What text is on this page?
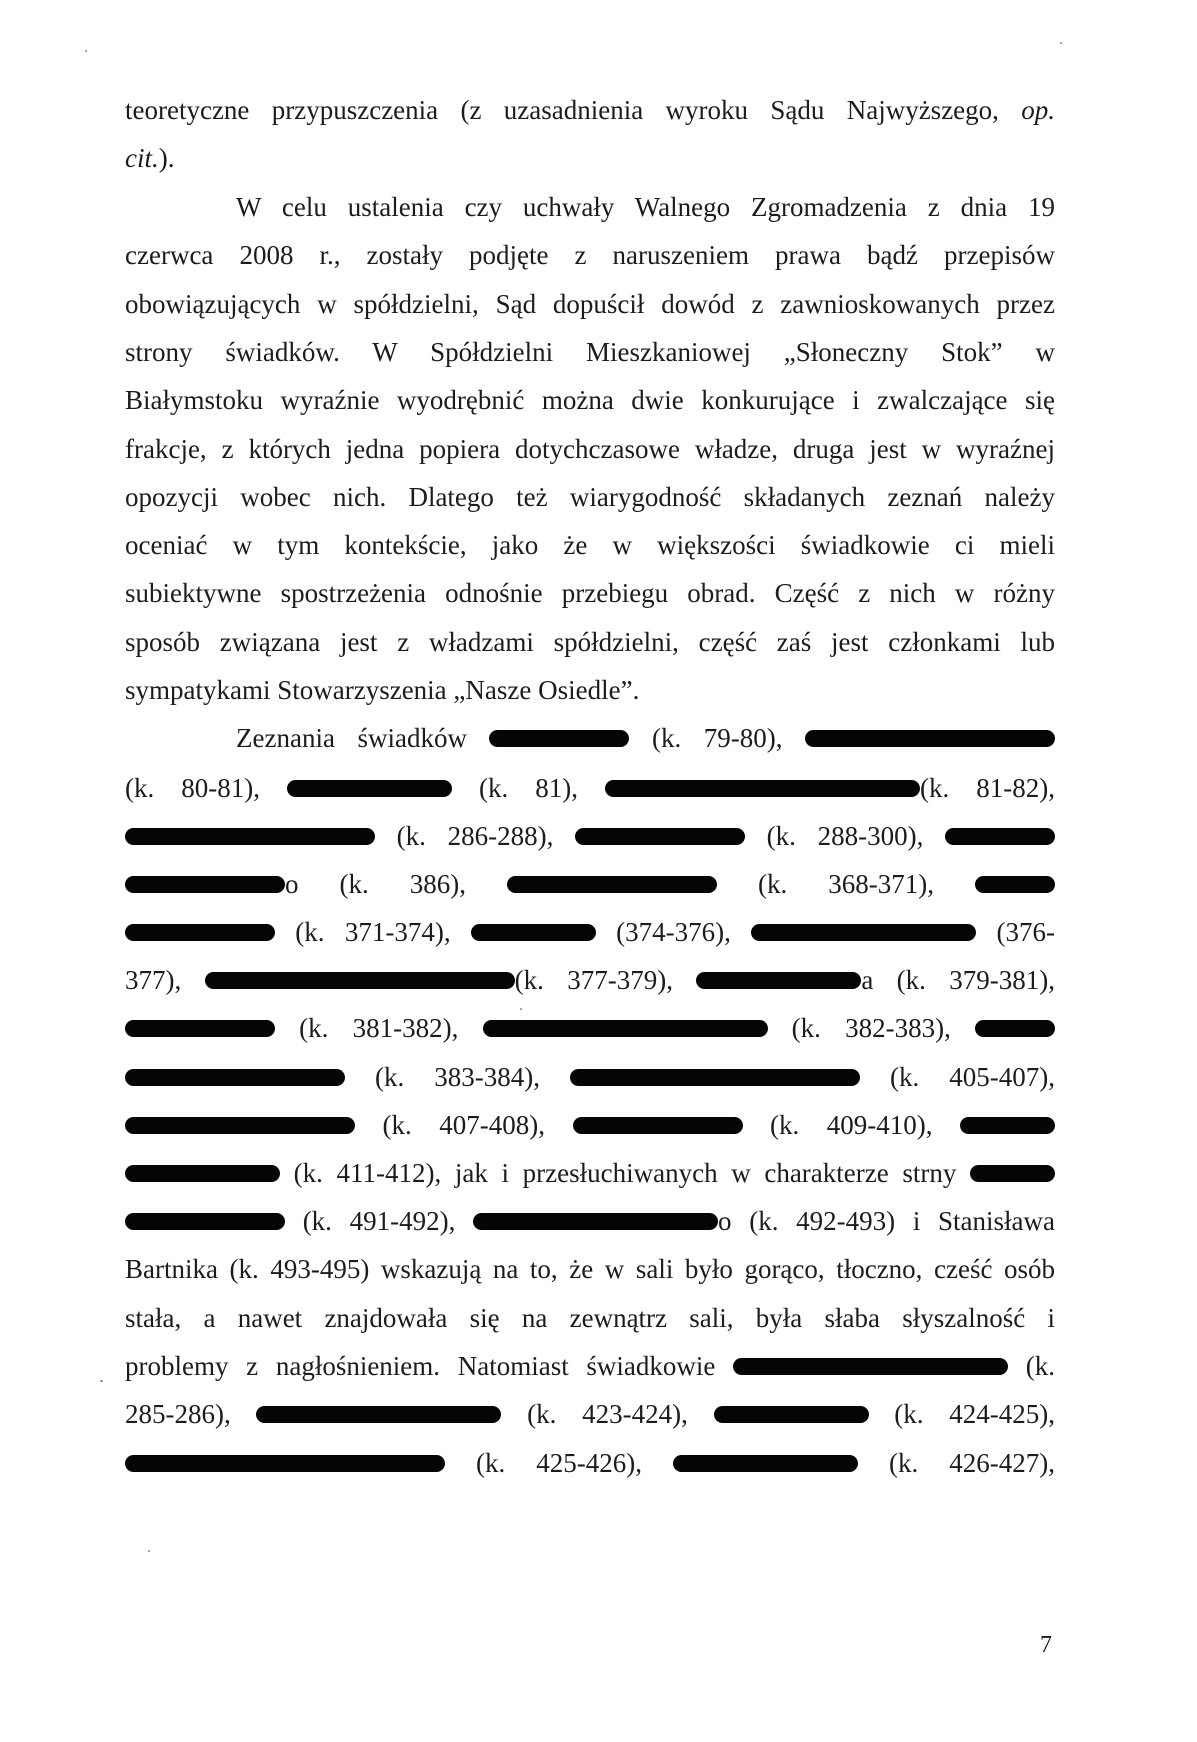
7
teoretyczne przypuszczenia (z uzasadnienia wyroku Sądu Najwyższego, op.
cit.).
W celu ustalenia czy uchwały Walnego Zgromadzenia z dnia 19
czerwca 2008 r., zostały podjęte z naruszeniem prawa bądź przepisów
obowiązujących w spółdzielni, Sąd dopuścił dowód z zawnioskowanych przez
strony świadków. W Spółdzielni Mieszkaniowej „Słoneczny Stok” w
Białymstoku wyraźnie wyodrębnić można dwie konkurujące i zwalczające się
frakcje, z których jedna popiera dotychczasowe władze, druga jest w wyraźnej
opozycji wobec nich. Dlatego też wiarygodność składanych zeznań należy
oceniać w tym kontekście, jako że w większości świadkowie ci mieli
subiektywne spostrzeżenia odnośnie przebiegu obrad. Część z nich w różny
sposób związana jest z władzami spółdzielni, część zaś jest członkami lub
sympatykami Stowarzyszenia „Nasze Osiedle”.
Zeznania świadków	(k. 79-80),
(k. 80-81),	(k. 81),	(k. 81-82),
(k. 286-288),	(k. 288-300),
o (k. 386),	(k. 368-371),
(k. 371-374),	(374-376),	(376-
377),	(k. 377-379),	a (k. 379-381),
(k. 381-382),	(k. 382-383),
(k. 383-384),	(k. 405-407),
(k. 407-408),	(k. 409-410),
(k. 411-412), jak i przesłuchiwanych w charakterze strny
(k. 491-492),	o (k. 492-493) i Stanisława
Bartnika (k. 493-495) wskazują na to, że w sali było gorąco, tłoczno, cześć osób
stała, a nawet znajdowała się na zewnątrz sali, była słaba słyszalność i
problemy z nagłośnieniem. Natomiast świadkowie	(k.
285-286),	(k. 423-424),	(k. 424-425),
(k. 425-426),	(k. 426-427),
